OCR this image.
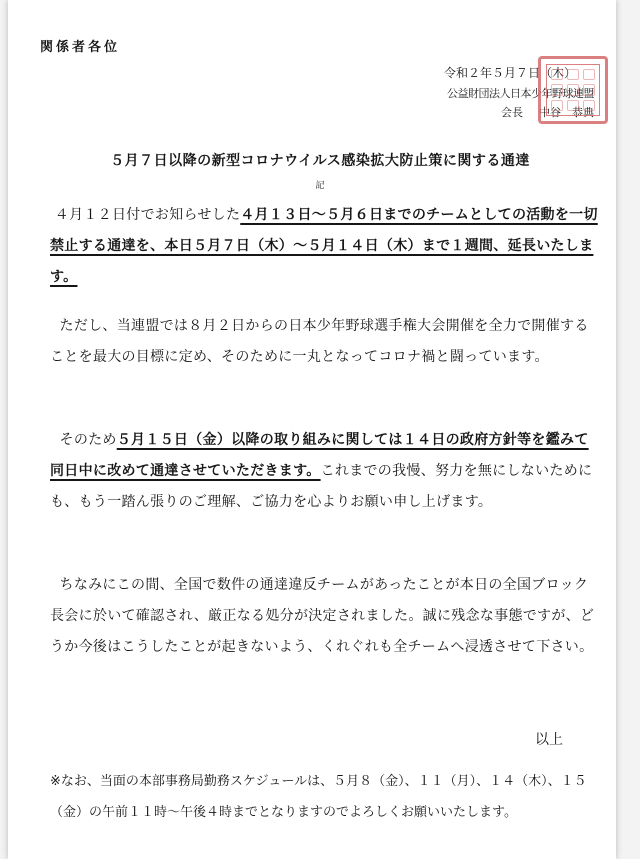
関係者各位
令和２年５月７日（木）
公益財団法人日本少年野球連盟
会長 中谷　恭典
５月７日以降の新型コロナウイルス感染拡大防止策に関する通達
記
４月１２日付でお知らせした４月１３日～５月６日までのチームとしての活動を一切禁止する通達を、本日５月７日（木）～５月１４日（木）まで１週間、延長いたします。
ただし、当連盟では８月２日からの日本少年野球選手権大会開催を全力で開催することを最大の目標に定め、そのために一丸となってコロナ禍と闘っています。
そのため５月１５日（金）以降の取り組みに関しては１４日の政府方針等を鑑みて同日中に改めて通達させていただきます。これまでの我慢、努力を無にしないためにも、もう一踏ん張りのご理解、ご協力を心よりお願い申し上げます。
ちなみにこの間、全国で数件の通達違反チームがあったことが本日の全国ブロック長会に於いて確認され、厳正なる処分が決定されました。誠に残念な事態ですが、どうか今後はこうしたことが起きないよう、くれぐれも全チームへ浸透させて下さい。
以上
※なお、当面の本部事務局勤務スケジュールは、５月８（金）、１１（月）、１４（木）、１５（金）の午前１１時～午後４時までとなりますのでよろしくお願いいたします。
